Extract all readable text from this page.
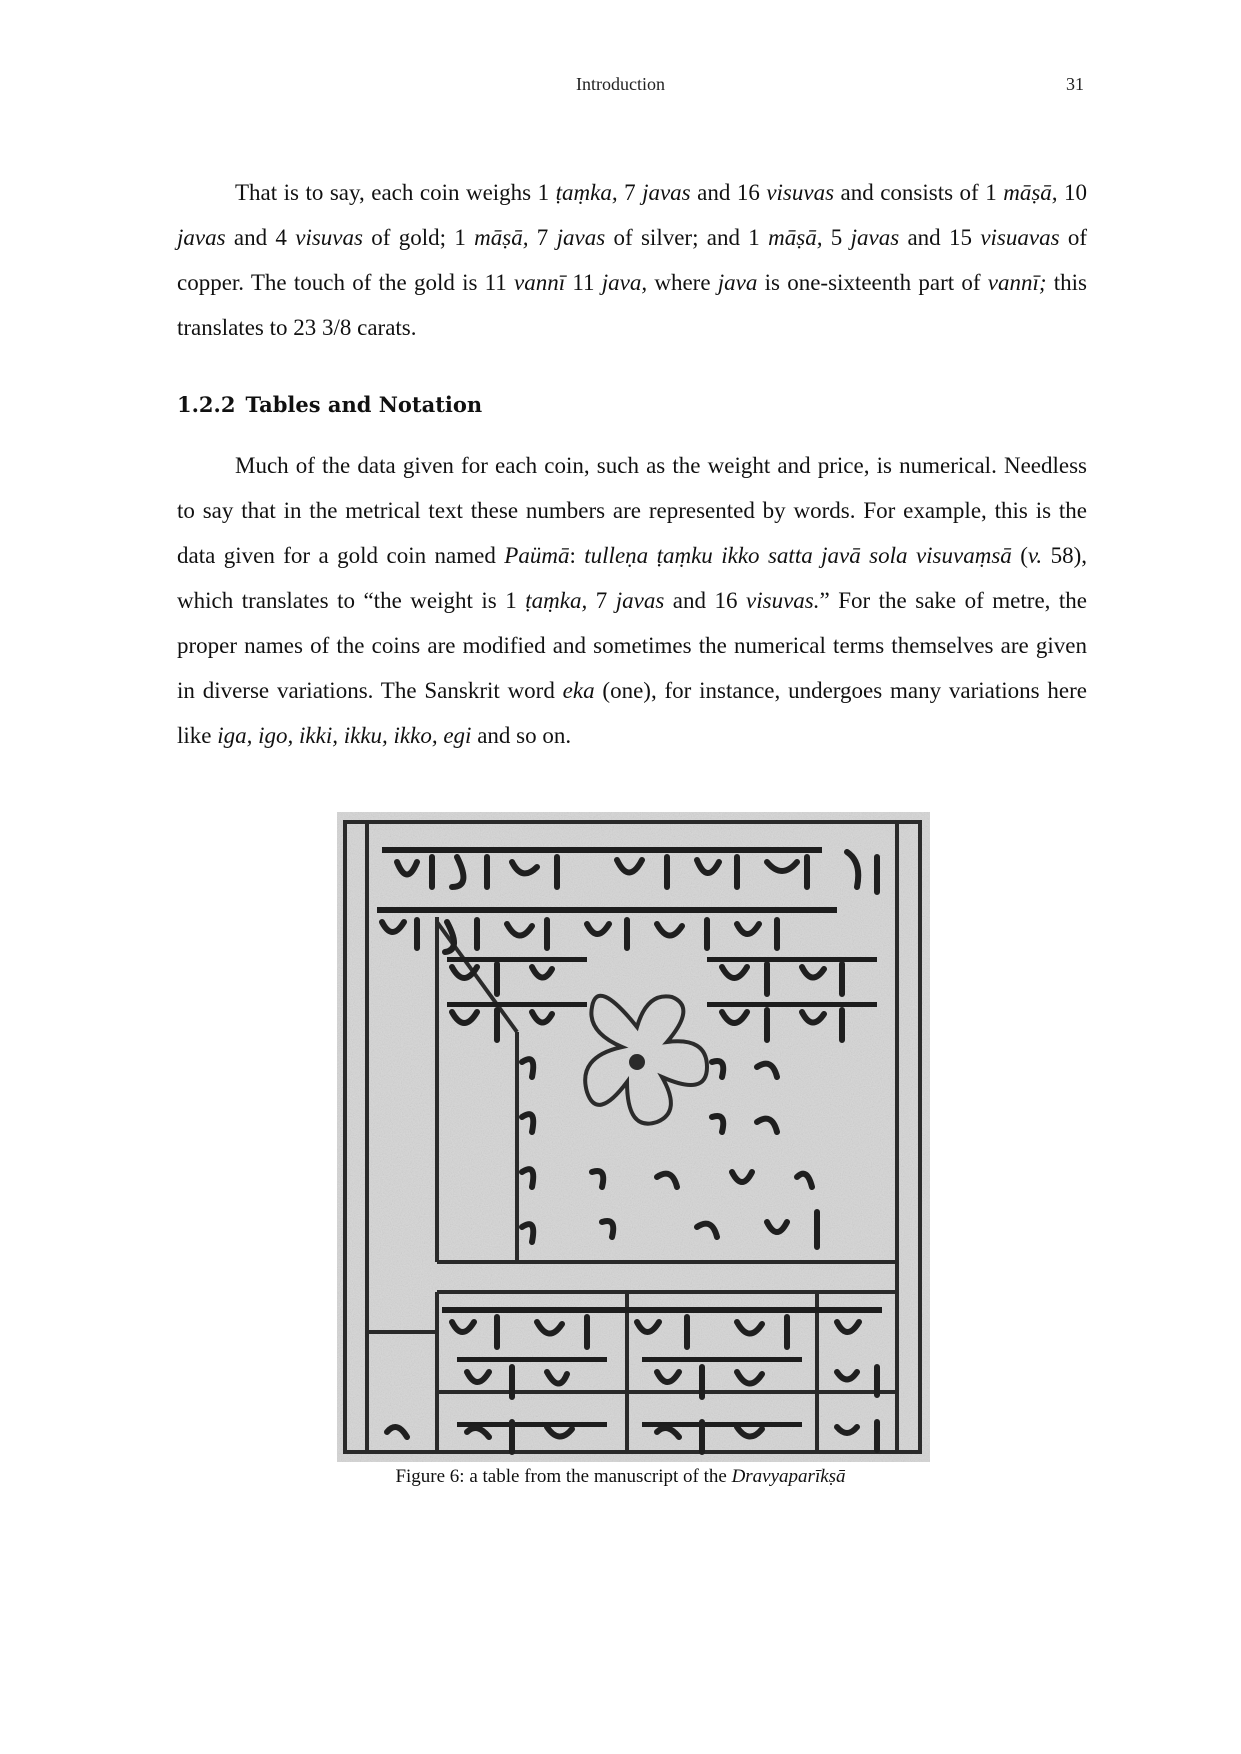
Introduction	31

That is to say, each coin weighs 1 ṭaṃka, 7 javas and 16 visuvas and consists of 1 māṣā, 10 javas and 4 visuvas of gold; 1 māṣā, 7 javas of silver; and 1 māṣā, 5 javas and 15 visuavas of copper. The touch of the gold is 11 vannī 11 java, where java is one-sixteenth part of vannī; this translates to 23 3/8 carats.

1.2.2 Tables and Notation

Much of the data given for each coin, such as the weight and price, is numerical. Needless to say that in the metrical text these numbers are represented by words. For example, this is the data given for a gold coin named Paümā: tulleṇa ṭaṃku ikko satta javā sola visuvaṃsā (v. 58), which translates to “the weight is 1 ṭaṃka, 7 javas and 16 visuvas.” For the sake of metre, the proper names of the coins are modified and sometimes the numerical terms themselves are given in diverse variations. The Sanskrit word eka (one), for instance, undergoes many variations here like iga, igo, ikki, ikku, ikko, egi and so on.

Figure 6: a table from the manuscript of the Dravyaparīkṣā
